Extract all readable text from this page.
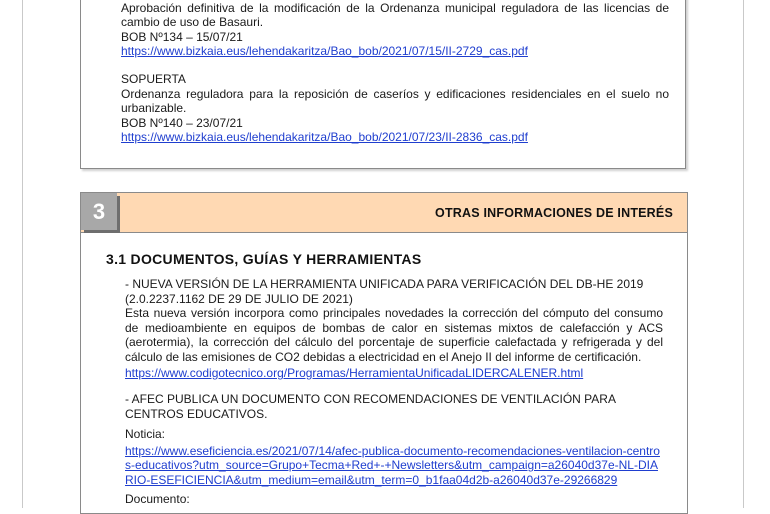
Aprobación definitiva de la modificación de la Ordenanza municipal reguladora de las licencias de cambio de uso de Basauri.
BOB Nº134 – 15/07/21
https://www.bizkaia.eus/lehendakaritza/Bao_bob/2021/07/15/II-2729_cas.pdf
SOPUERTA
Ordenanza reguladora para la reposición de caseríos y edificaciones residenciales en el suelo no urbanizable.
BOB Nº140 – 23/07/21
https://www.bizkaia.eus/lehendakaritza/Bao_bob/2021/07/23/II-2836_cas.pdf
3	OTRAS INFORMACIONES DE INTERÉS
3.1 DOCUMENTOS, GUÍAS Y HERRAMIENTAS
- NUEVA VERSIÓN DE LA HERRAMIENTA UNIFICADA PARA VERIFICACIÓN DEL DB-HE 2019 (2.0.2237.1162 DE 29 DE JULIO DE 2021)
Esta nueva versión incorpora como principales novedades la corrección del cómputo del consumo de medioambiente en equipos de bombas de calor en sistemas mixtos de calefacción y ACS (aerotermia), la corrección del cálculo del porcentaje de superficie calefactada y refrigerada y del cálculo de las emisiones de CO2 debidas a electricidad en el Anejo II del informe de certificación.
https://www.codigotecnico.org/Programas/HerramientaUnificadaLIDERCALENER.html
- AFEC PUBLICA UN DOCUMENTO CON RECOMENDACIONES DE VENTILACIÓN PARA CENTROS EDUCATIVOS.
Noticia:
https://www.eseficiencia.es/2021/07/14/afec-publica-documento-recomendaciones-ventilacion-centros-educativos?utm_source=Grupo+Tecma+Red+-+Newsletters&utm_campaign=a26040d37e-NL-DIARIO-ESEFICIENCIA&utm_medium=email&utm_term=0_b1faa04d2b-a26040d37e-29266829
Documento:
